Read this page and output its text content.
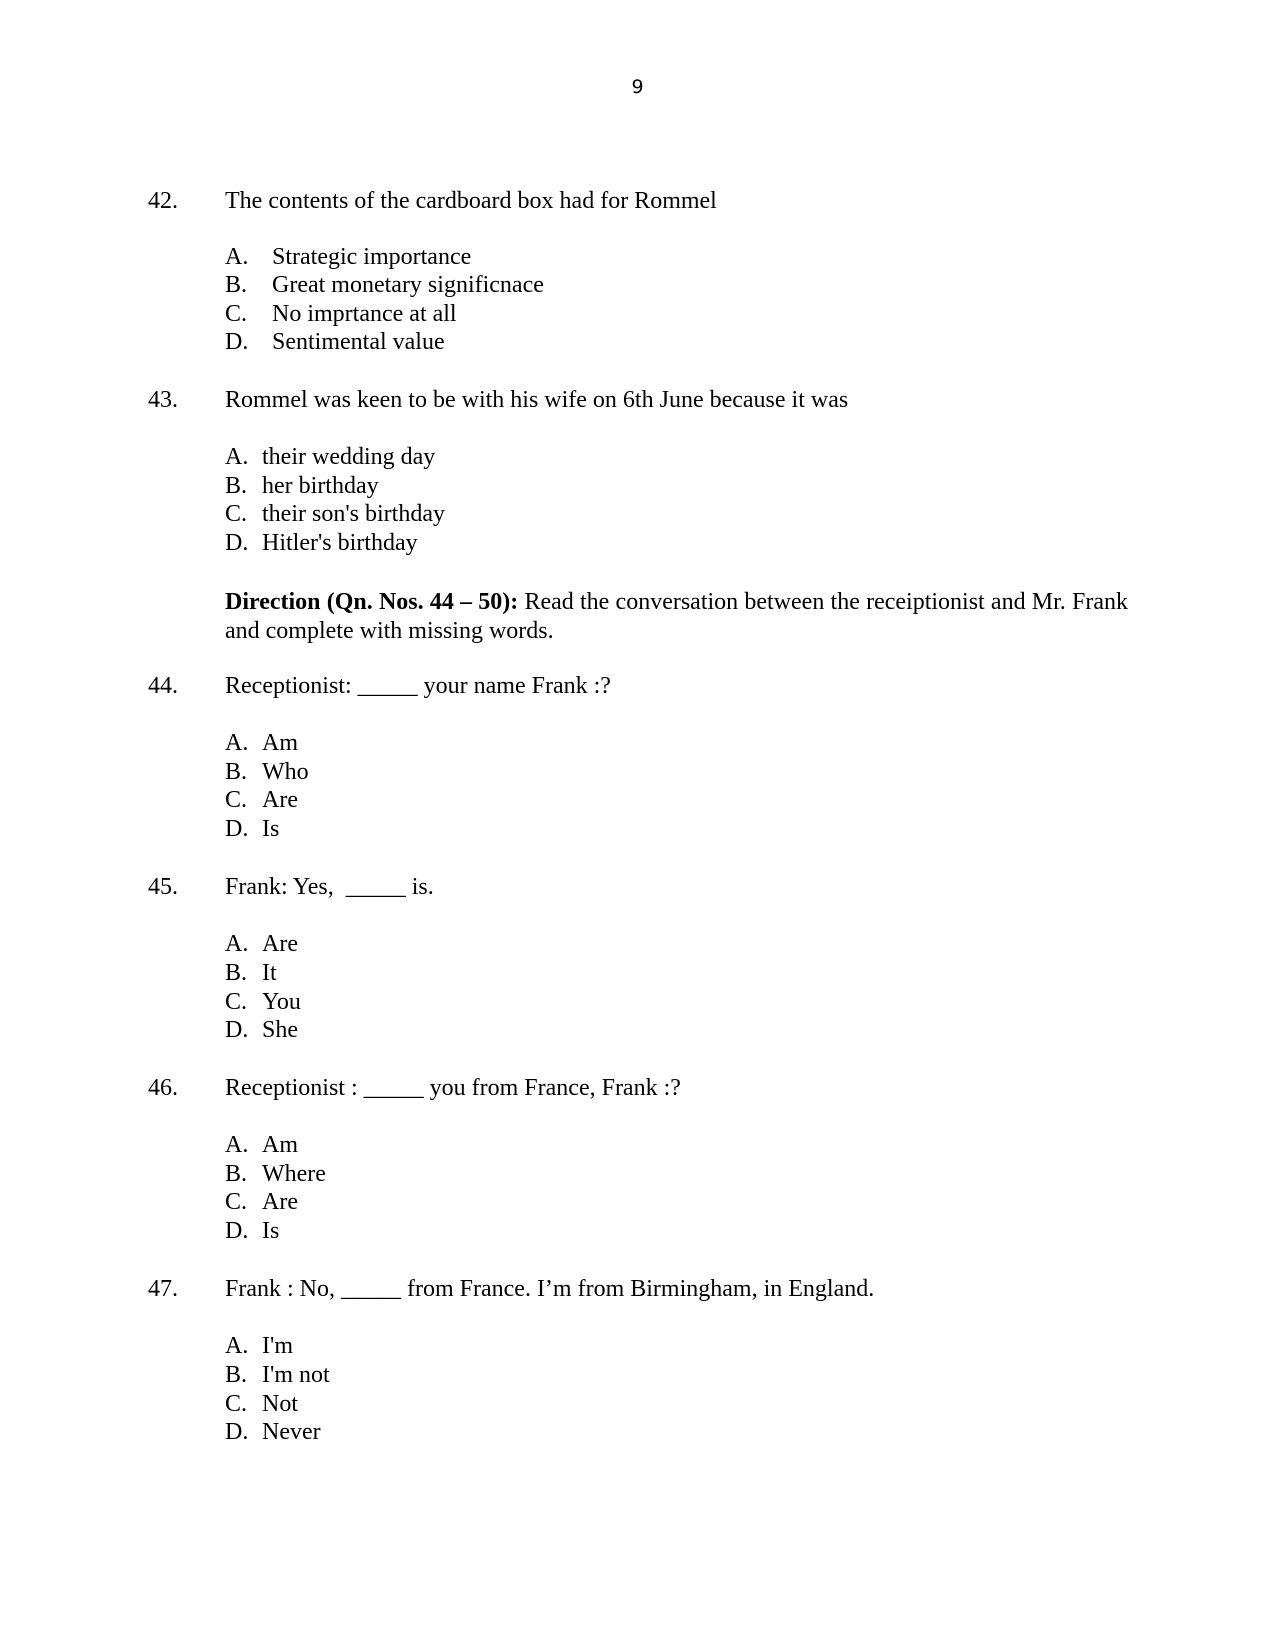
9
42. The contents of the cardboard box had for Rommel
A. Strategic importance
B. Great monetary significnace
C. No imprtance at all
D. Sentimental value
43. Rommel was keen to be with his wife on 6th June because it was
A. their wedding day
B. her birthday
C. their son's birthday
D. Hitler's birthday
Direction (Qn. Nos. 44 – 50): Read the conversation between the receiptionist and Mr. Frank and complete with missing words.
44. Receptionist: _____ your name Frank :?
A. Am
B. Who
C. Are
D. Is
45. Frank: Yes,  _____ is.
A. Are
B. It
C. You
D. She
46. Receptionist : _____ you from France, Frank :?
A. Am
B. Where
C. Are
D. Is
47. Frank : No, _____ from France. I’m from Birmingham, in England.
A. I'm
B. I'm not
C. Not
D. Never
